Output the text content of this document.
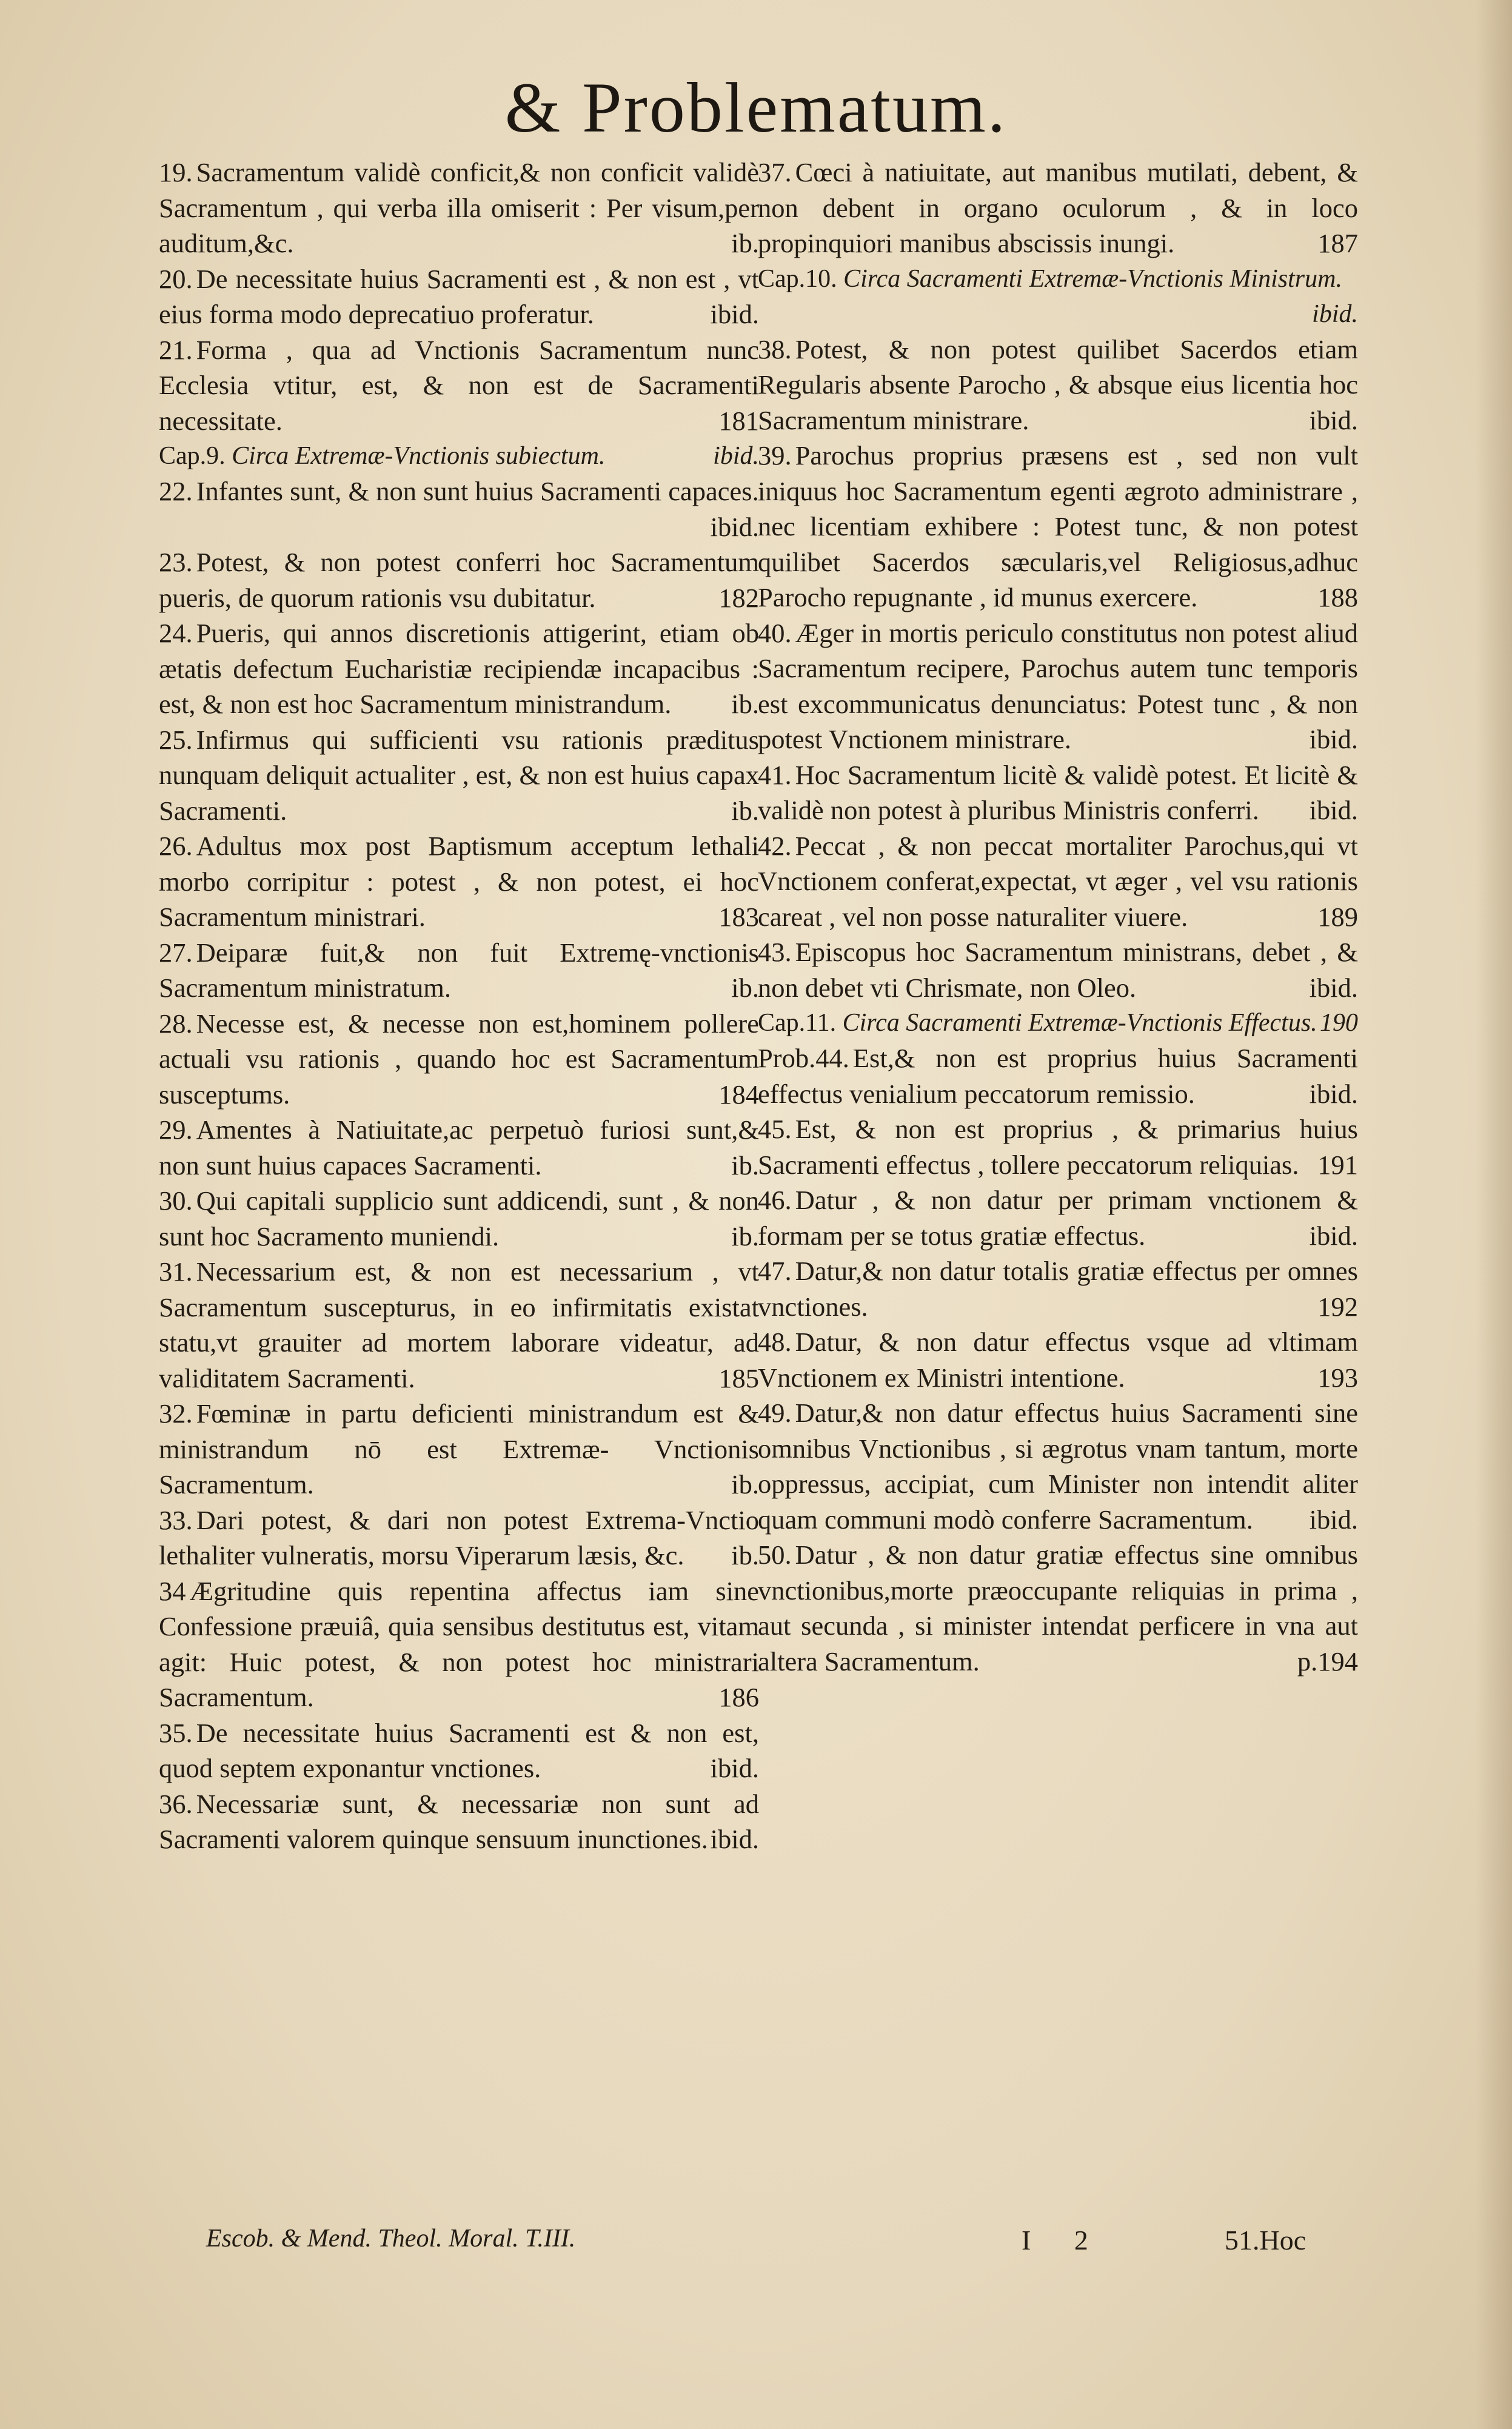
& Problematum.
19. Sacramentum validè conficit,& non conficit validè Sacramentum , qui verba illa omiserit : Per visum,per auditum,&c.	ib.
20. De necessitate huius Sacramenti est , & non est , vt eius forma modo deprecatiuo proferatur.	ibid.
21. Forma , qua ad Vnctionis Sacramentum nunc Ecclesia vtitur, est, & non est de Sacramenti necessitate.	181
Cap.9. Circa Extremæ-Vnctionis subiectum.	ibid.
22. Infantes sunt, & non sunt huius Sacramenti capaces.
ibid.
23. Potest, & non potest conferri hoc Sacramentum pueris, de quorum rationis vsu dubitatur.	182
24. Pueris, qui annos discretionis attigerint, etiam ob ætatis defectum Eucharistiæ recipiendæ incapacibus : est, & non est hoc Sacramentum ministrandum. ib.
25. Infirmus qui sufficienti vsu rationis præditus nunquam deliquit actualiter , est, & non est huius capax Sacramenti.	ib.
26. Adultus mox post Baptismum acceptum lethali morbo corripitur : potest , & non potest, ei hoc Sacramentum ministrari.	183
27. Deiparæ fuit,& non fuit Extremę-vnctionis Sacramentum ministratum.	ib.
28. Necesse est, & necesse non est,hominem pollere actuali vsu rationis , quando hoc est Sacramentum susceptums.	184
29. Amentes à Natiuitate,ac perpetuò furiosi sunt,& non sunt huius capaces Sacramenti.	ib.
30. Qui capitali supplicio sunt addicendi, sunt , & non sunt hoc Sacramento muniendi.	ib.
31. Necessarium est, & non est necessarium , vt Sacramentum suscepturus, in eo infirmitatis existat statu,vt grauiter ad mortem laborare videatur, ad validitatem Sacramenti.	185
32. Fœminæ in partu deficienti ministrandum est & ministrandum nō est Extremæ- Vnctionis Sacramentum.	ib.
33. Dari potest, & dari non potest Extrema-Vnctio lethaliter vulneratis, morsu Viperarum læsis, &c. ib.
34 Ægritudine quis repentina affectus iam sine Confessione præuiâ, quia sensibus destitutus est, vitam agit: Huic potest, & non potest hoc ministrari Sacramentum.	186
35. De necessitate huius Sacramenti est & non est, quod septem exponantur vnctiones.	ibid.
36. Necessariæ sunt, & necessariæ non sunt ad Sacramenti valorem quinque sensuum inunctiones. ibid.
37. Cœci à natiuitate, aut manibus mutilati, debent, & non debent in organo oculorum , & in loco propinquiori manibus abscissis inungi.	187
Cap.10. Circa Sacramenti Extremæ-Vnctionis Ministrum.
ibid.
38. Potest, & non potest quilibet Sacerdos etiam Regularis absente Parocho , & absque eius licentia hoc Sacramentum ministrare.	ibid.
39. Parochus proprius præsens est , sed non vult iniquus hoc Sacramentum egenti ægroto administrare , nec licentiam exhibere : Potest tunc, & non potest quilibet Sacerdos sæcularis,vel Religiosus,adhuc Parocho repugnante , id munus exercere.	188
40. Æger in mortis periculo constitutus non potest aliud Sacramentum recipere, Parochus autem tunc temporis est excommunicatus denunciatus: Potest tunc , & non potest Vnctionem ministrare.	ibid.
41. Hoc Sacramentum licitè & validè potest. Et licitè & validè non potest à pluribus Ministris conferri. ibid.
42. Peccat , & non peccat mortaliter Parochus,qui vt Vnctionem conferat,expectat, vt æger , vel vsu rationis careat , vel non posse naturaliter viuere.	189
43. Episcopus hoc Sacramentum ministrans, debet , & non debet vti Chrismate, non Oleo.	ibid.
Cap.11. Circa Sacramenti Extremæ-Vnctionis Effectus. 190
Prob.44. Est,& non est proprius huius Sacramenti effectus venialium peccatorum remissio.	ibid.
45. Est, & non est proprius , & primarius huius Sacramenti effectus , tollere peccatorum reliquias. 191
46. Datur , & non datur per primam vnctionem & formam per se totus gratiæ effectus.	ibid.
47. Datur,& non datur totalis gratiæ effectus per omnes vnctiones.	192
48. Datur, & non datur effectus vsque ad vltimam Vnctionem ex Ministri intentione.	193
49. Datur,& non datur effectus huius Sacramenti sine omnibus Vnctionibus , si ægrotus vnam tantum, morte oppressus, accipiat, cum Minister non intendit aliter quam communi modò conferre Sacramentum. ibid.
50. Datur , & non datur gratiæ effectus sine omnibus vnctionibus,morte præoccupante reliquias in prima , aut secunda , si minister intendat perficere in vna aut altera Sacramentum.	p.194
Escob. & Mend. Theol. Moral. T.III.	I 2	51.Hoc
